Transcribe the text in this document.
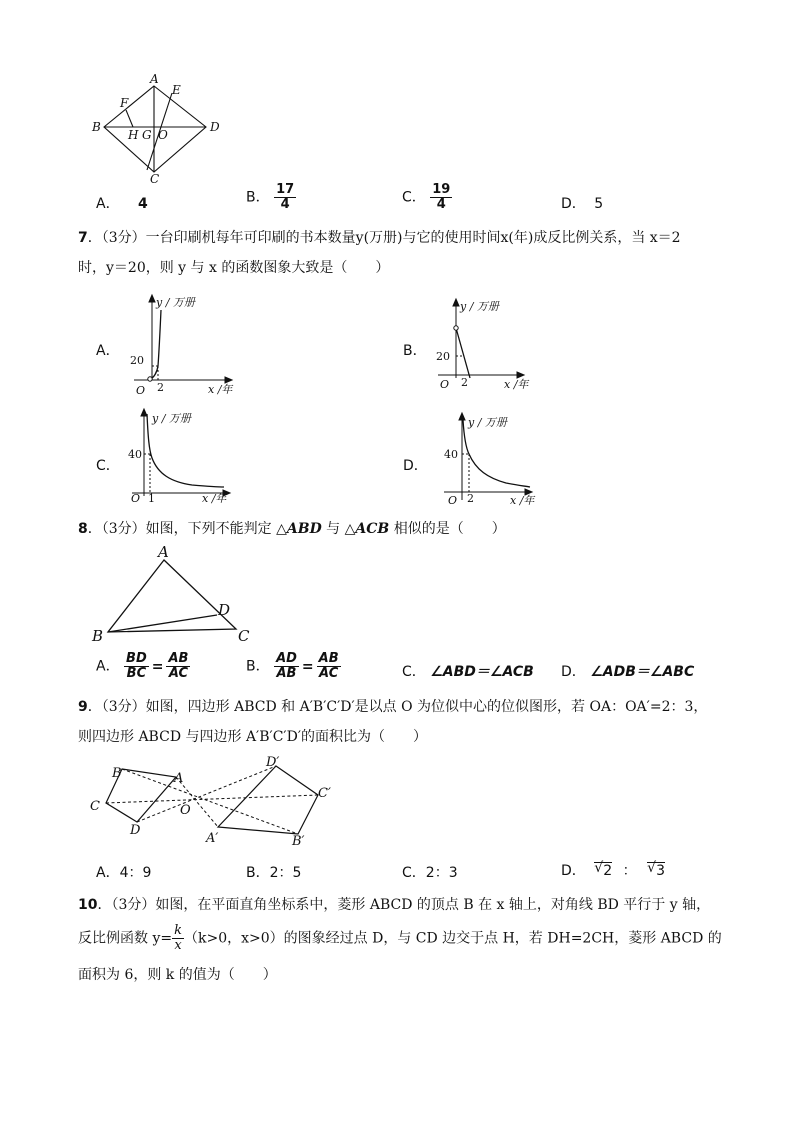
A
E
F
B
H G O
D
C
A． 4	B． $\frac{17}{4}$	C． $\frac{19}{4}$	D． 5
7．（3分）一台印刷机每年可印刷的书本数量y(万册)与它的使用时间x(年)成反比例关系，当 x＝2
时，y＝20，则 y 与 x 的函数图象大致是（　　）
A．
y / 万册
20
2	x /年
O
B．
y / 万册
20
2	x /年
O
C．
y / 万册
40
1	x /年
O
D．
y / 万册
40
2	x /年
O
8．（3分）如图，下列不能判定 △ABD 与 △ACB 相似的是（　　）
A
B	C
D
A． $\frac{BD}{BC} = \frac{AB}{AC}$	B． $\frac{AD}{AB} = \frac{AB}{AC}$	C． ∠ABD＝∠ACB D． ∠ADB＝∠ABC
9．（3分）如图，四边形 ABCD 和 A′B′C′D′是以点 O 为位似中心的位似图形，若 OA：OA′=2：3，
则四边形 ABCD 与四边形 A′B′C′D′的面积比为（　　）
B	A
C
D
O
D′
C′
B′
A′
A．4：9	B．2：5	C．2：3	D． √ 2 ： √ 3
10．（3分）如图，在平面直角坐标系中，菱形 ABCD 的顶点 B 在 x 轴上，对角线 BD 平行于 y 轴，
反比例函数 $y= \frac{k}{x} (k>0$，x>0）的图象经过点 D，与 CD 边交于点 H，若 DH=2CH，菱形 ABCD 的
面积为 6，则 k 的值为（　　）
